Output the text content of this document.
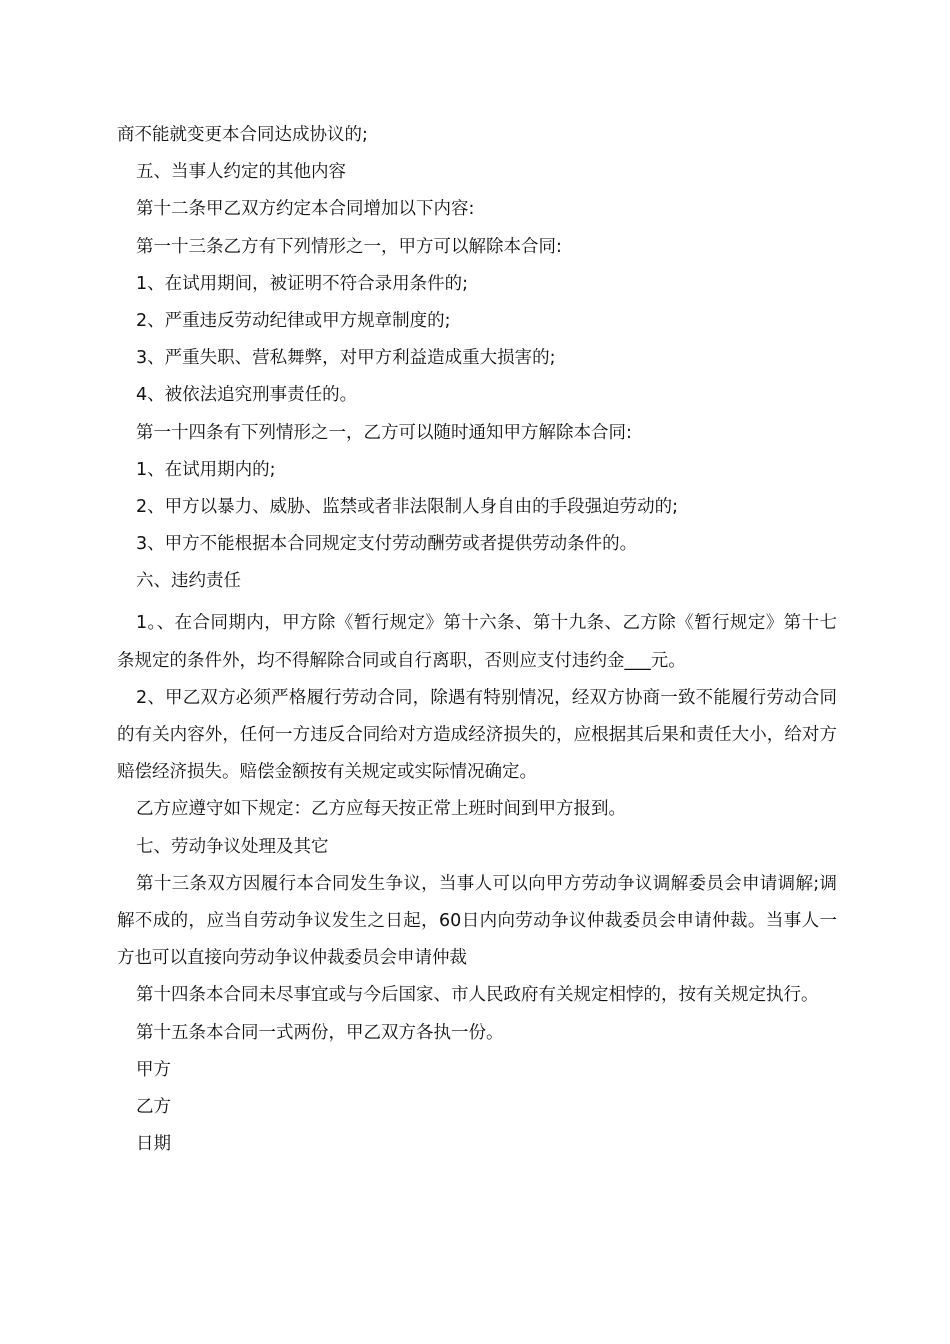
商不能就变更本合同达成协议的;

五、当事人约定的其他内容

第十二条甲乙双方约定本合同增加以下内容:

第一十三条乙方有下列情形之一，甲方可以解除本合同:

1、在试用期间，被证明不符合录用条件的;

2、严重违反劳动纪律或甲方规章制度的;

3、严重失职、营私舞弊，对甲方利益造成重大损害的;

4、被依法追究刑事责任的。

第一十四条有下列情形之一，乙方可以随时通知甲方解除本合同:

1、在试用期内的;

2、甲方以暴力、威胁、监禁或者非法限制人身自由的手段强迫劳动的;

3、甲方不能根据本合同规定支付劳动酬劳或者提供劳动条件的。

六、违约责任

1。、在合同期内，甲方除《暂行规定》第十六条、第十九条、乙方除《暂行规定》第十七条规定的条件外，均不得解除合同或自行离职，否则应支付违约金___元。

2、甲乙双方必须严格履行劳动合同，除遇有特别情况，经双方协商一致不能履行劳动合同的有关内容外，任何一方违反合同给对方造成经济损失的，应根据其后果和责任大小，给对方赔偿经济损失。赔偿金额按有关规定或实际情况确定。

乙方应遵守如下规定：乙方应每天按正常上班时间到甲方报到。

七、劳动争议处理及其它

第十三条双方因履行本合同发生争议，当事人可以向甲方劳动争议调解委员会申请调解;调解不成的，应当自劳动争议发生之日起，60日内向劳动争议仲裁委员会申请仲裁。当事人一方也可以直接向劳动争议仲裁委员会申请仲裁

第十四条本合同未尽事宜或与今后国家、市人民政府有关规定相悖的，按有关规定执行。

第十五条本合同一式两份，甲乙双方各执一份。

甲方

乙方

日期
